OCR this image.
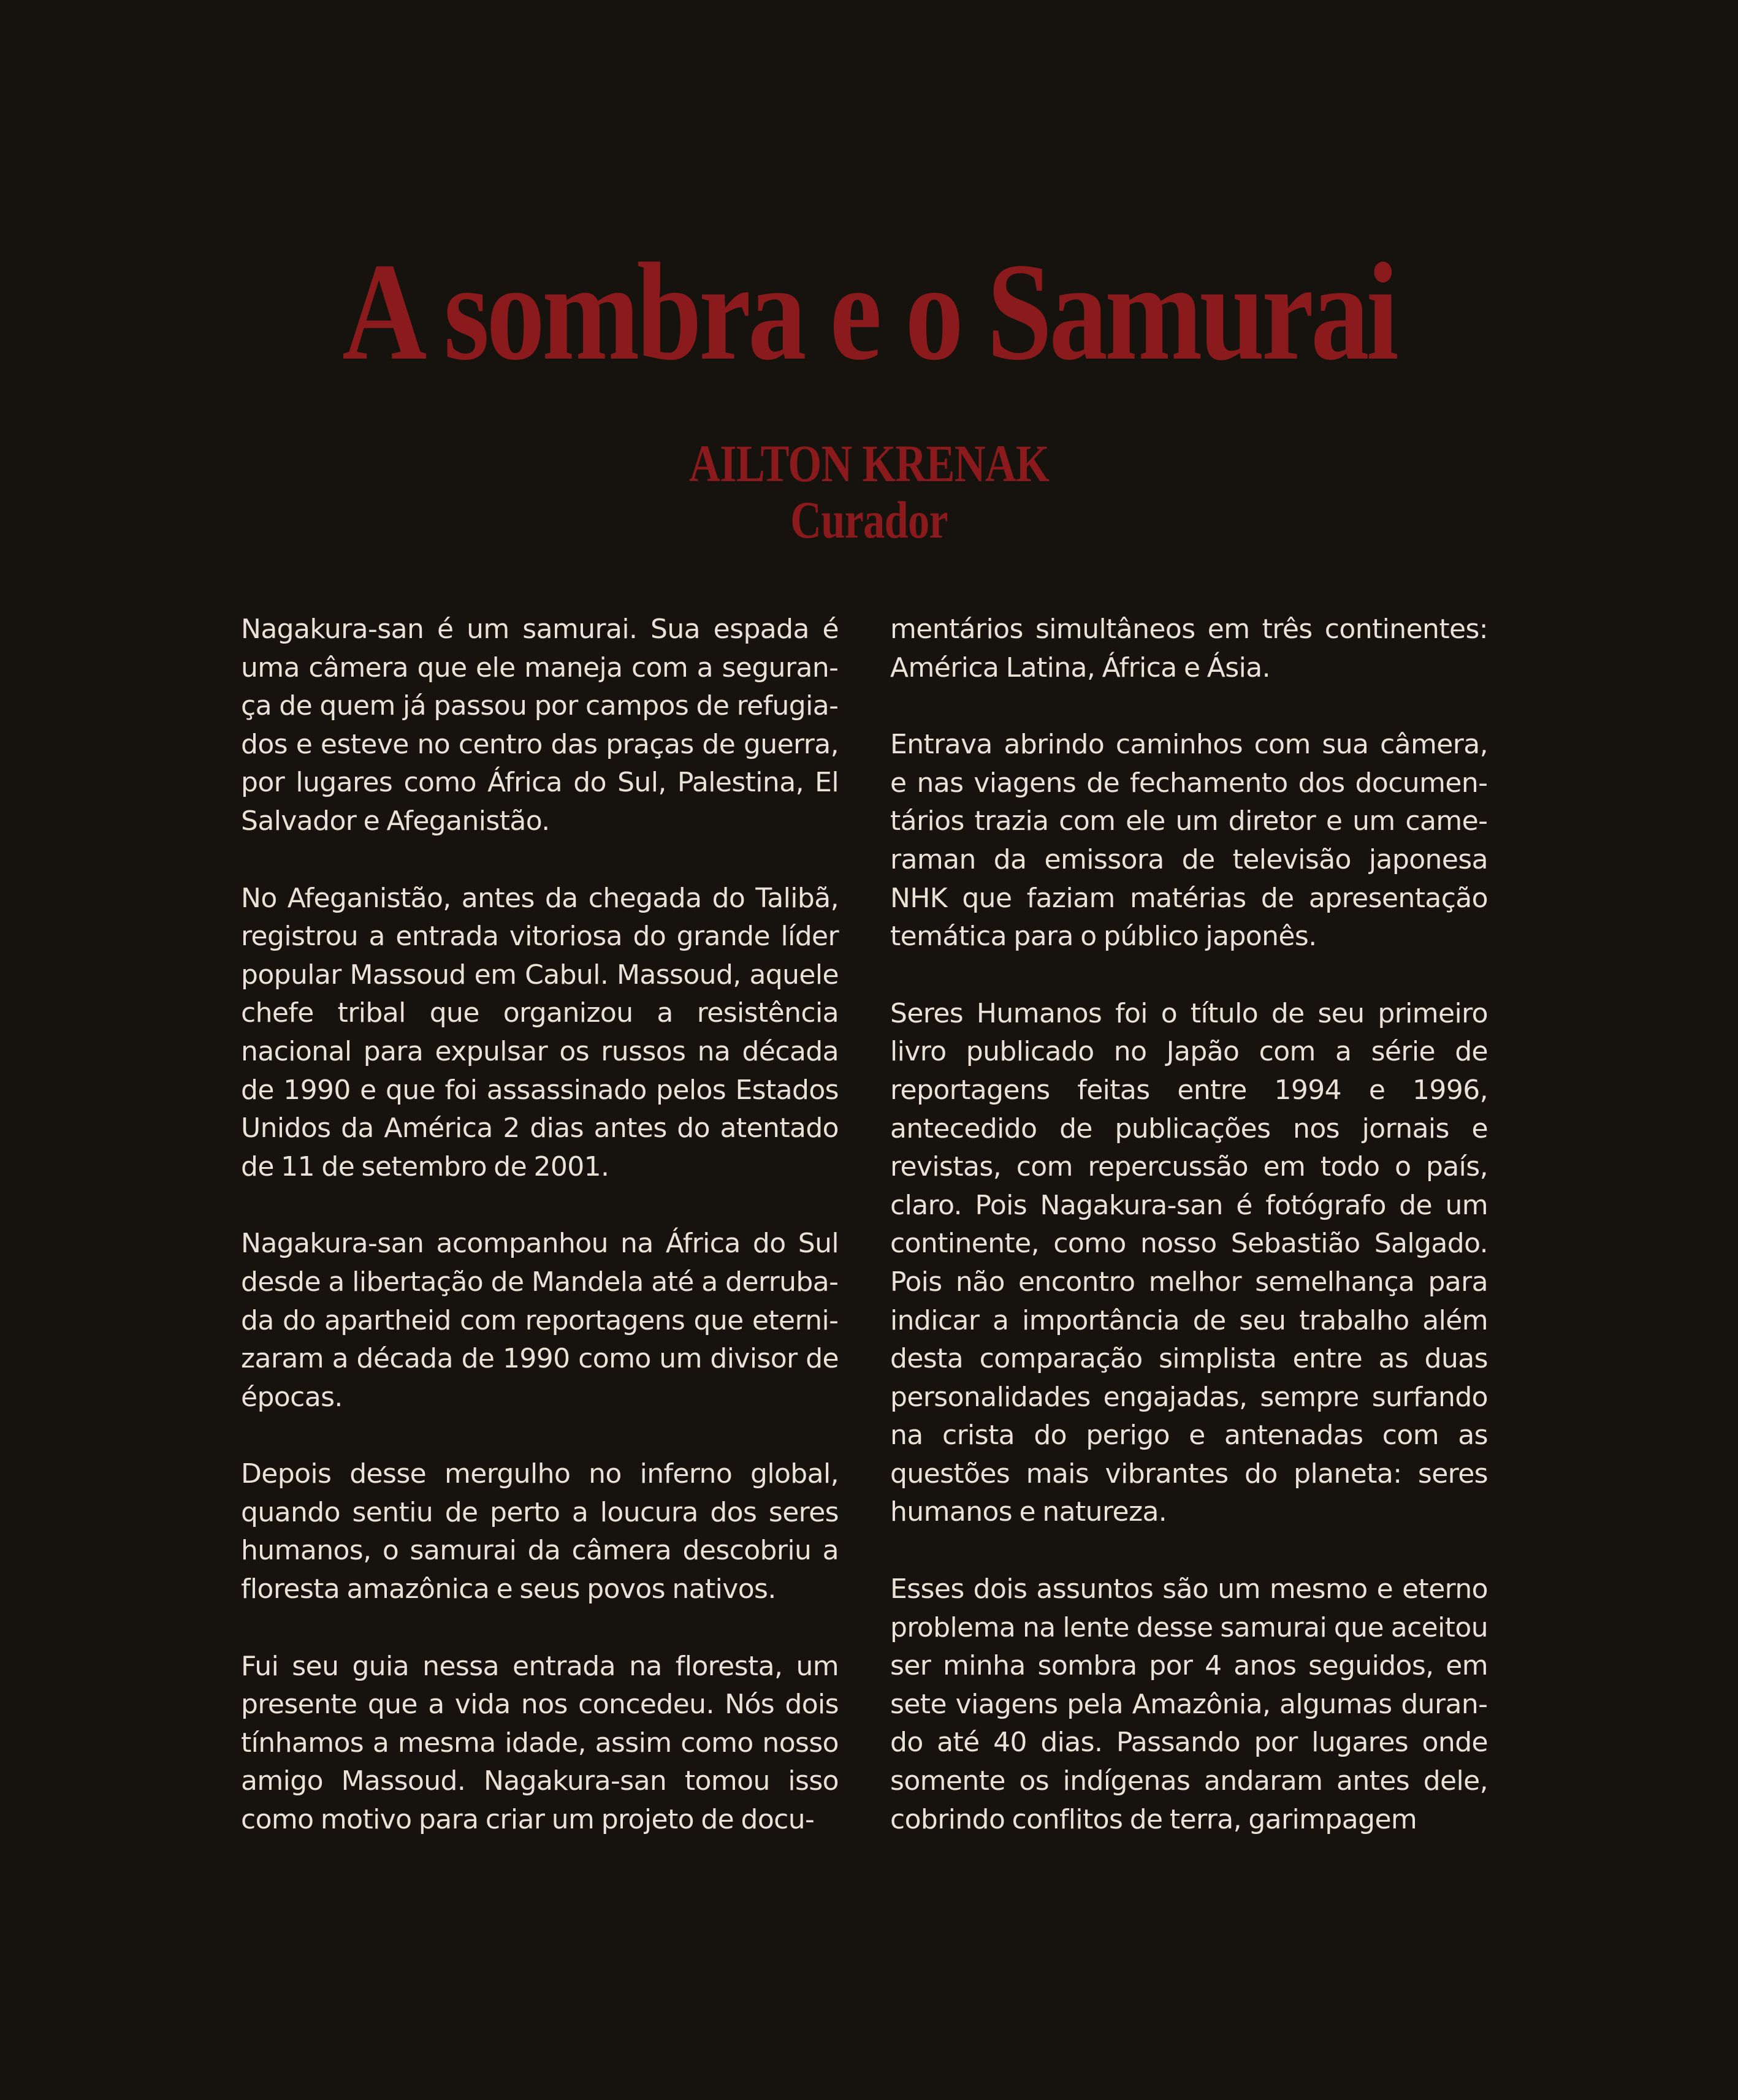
A sombra e o Samurai
AILTON KRENAK
Curador

Nagakura-san é um samurai. Sua espada é uma câmera que ele maneja com a segurança de quem já passou por campos de refugiados e esteve no centro das praças de guerra, por lugares como África do Sul, Palestina, El Salvador e Afeganistão.

No Afeganistão, antes da chegada do Talibã, registrou a entrada vitoriosa do grande líder popular Massoud em Cabul. Massoud, aquele chefe tribal que organizou a resistência nacional para expulsar os russos na década de 1990 e que foi assassinado pelos Estados Unidos da América 2 dias antes do atentado de 11 de setembro de 2001.

Nagakura-san acompanhou na África do Sul desde a libertação de Mandela até a derrubada do apartheid com reportagens que eternizaram a década de 1990 como um divisor de épocas.

Depois desse mergulho no inferno global, quando sentiu de perto a loucura dos seres humanos, o samurai da câmera descobriu a floresta amazônica e seus povos nativos.

Fui seu guia nessa entrada na floresta, um presente que a vida nos concedeu. Nós dois tínhamos a mesma idade, assim como nosso amigo Massoud. Nagakura-san tomou isso como motivo para criar um projeto de docu-

mentários simultâneos em três continentes: América Latina, África e Ásia.

Entrava abrindo caminhos com sua câmera, e nas viagens de fechamento dos documentários trazia com ele um diretor e um cameraman da emissora de televisão japonesa NHK que faziam matérias de apresentação temática para o público japonês.

Seres Humanos foi o título de seu primeiro livro publicado no Japão com a série de reportagens feitas entre 1994 e 1996, antecedido de publicações nos jornais e revistas, com repercussão em todo o país, claro. Pois Nagakura-san é fotógrafo de um continente, como nosso Sebastião Salgado. Pois não encontro melhor semelhança para indicar a importância de seu trabalho além desta comparação simplista entre as duas personalidades engajadas, sempre surfando na crista do perigo e antenadas com as questões mais vibrantes do planeta: seres humanos e natureza.

Esses dois assuntos são um mesmo e eterno problema na lente desse samurai que aceitou ser minha sombra por 4 anos seguidos, em sete viagens pela Amazônia, algumas durando até 40 dias. Passando por lugares onde somente os indígenas andaram antes dele, cobrindo conflitos de terra, garimpagem
